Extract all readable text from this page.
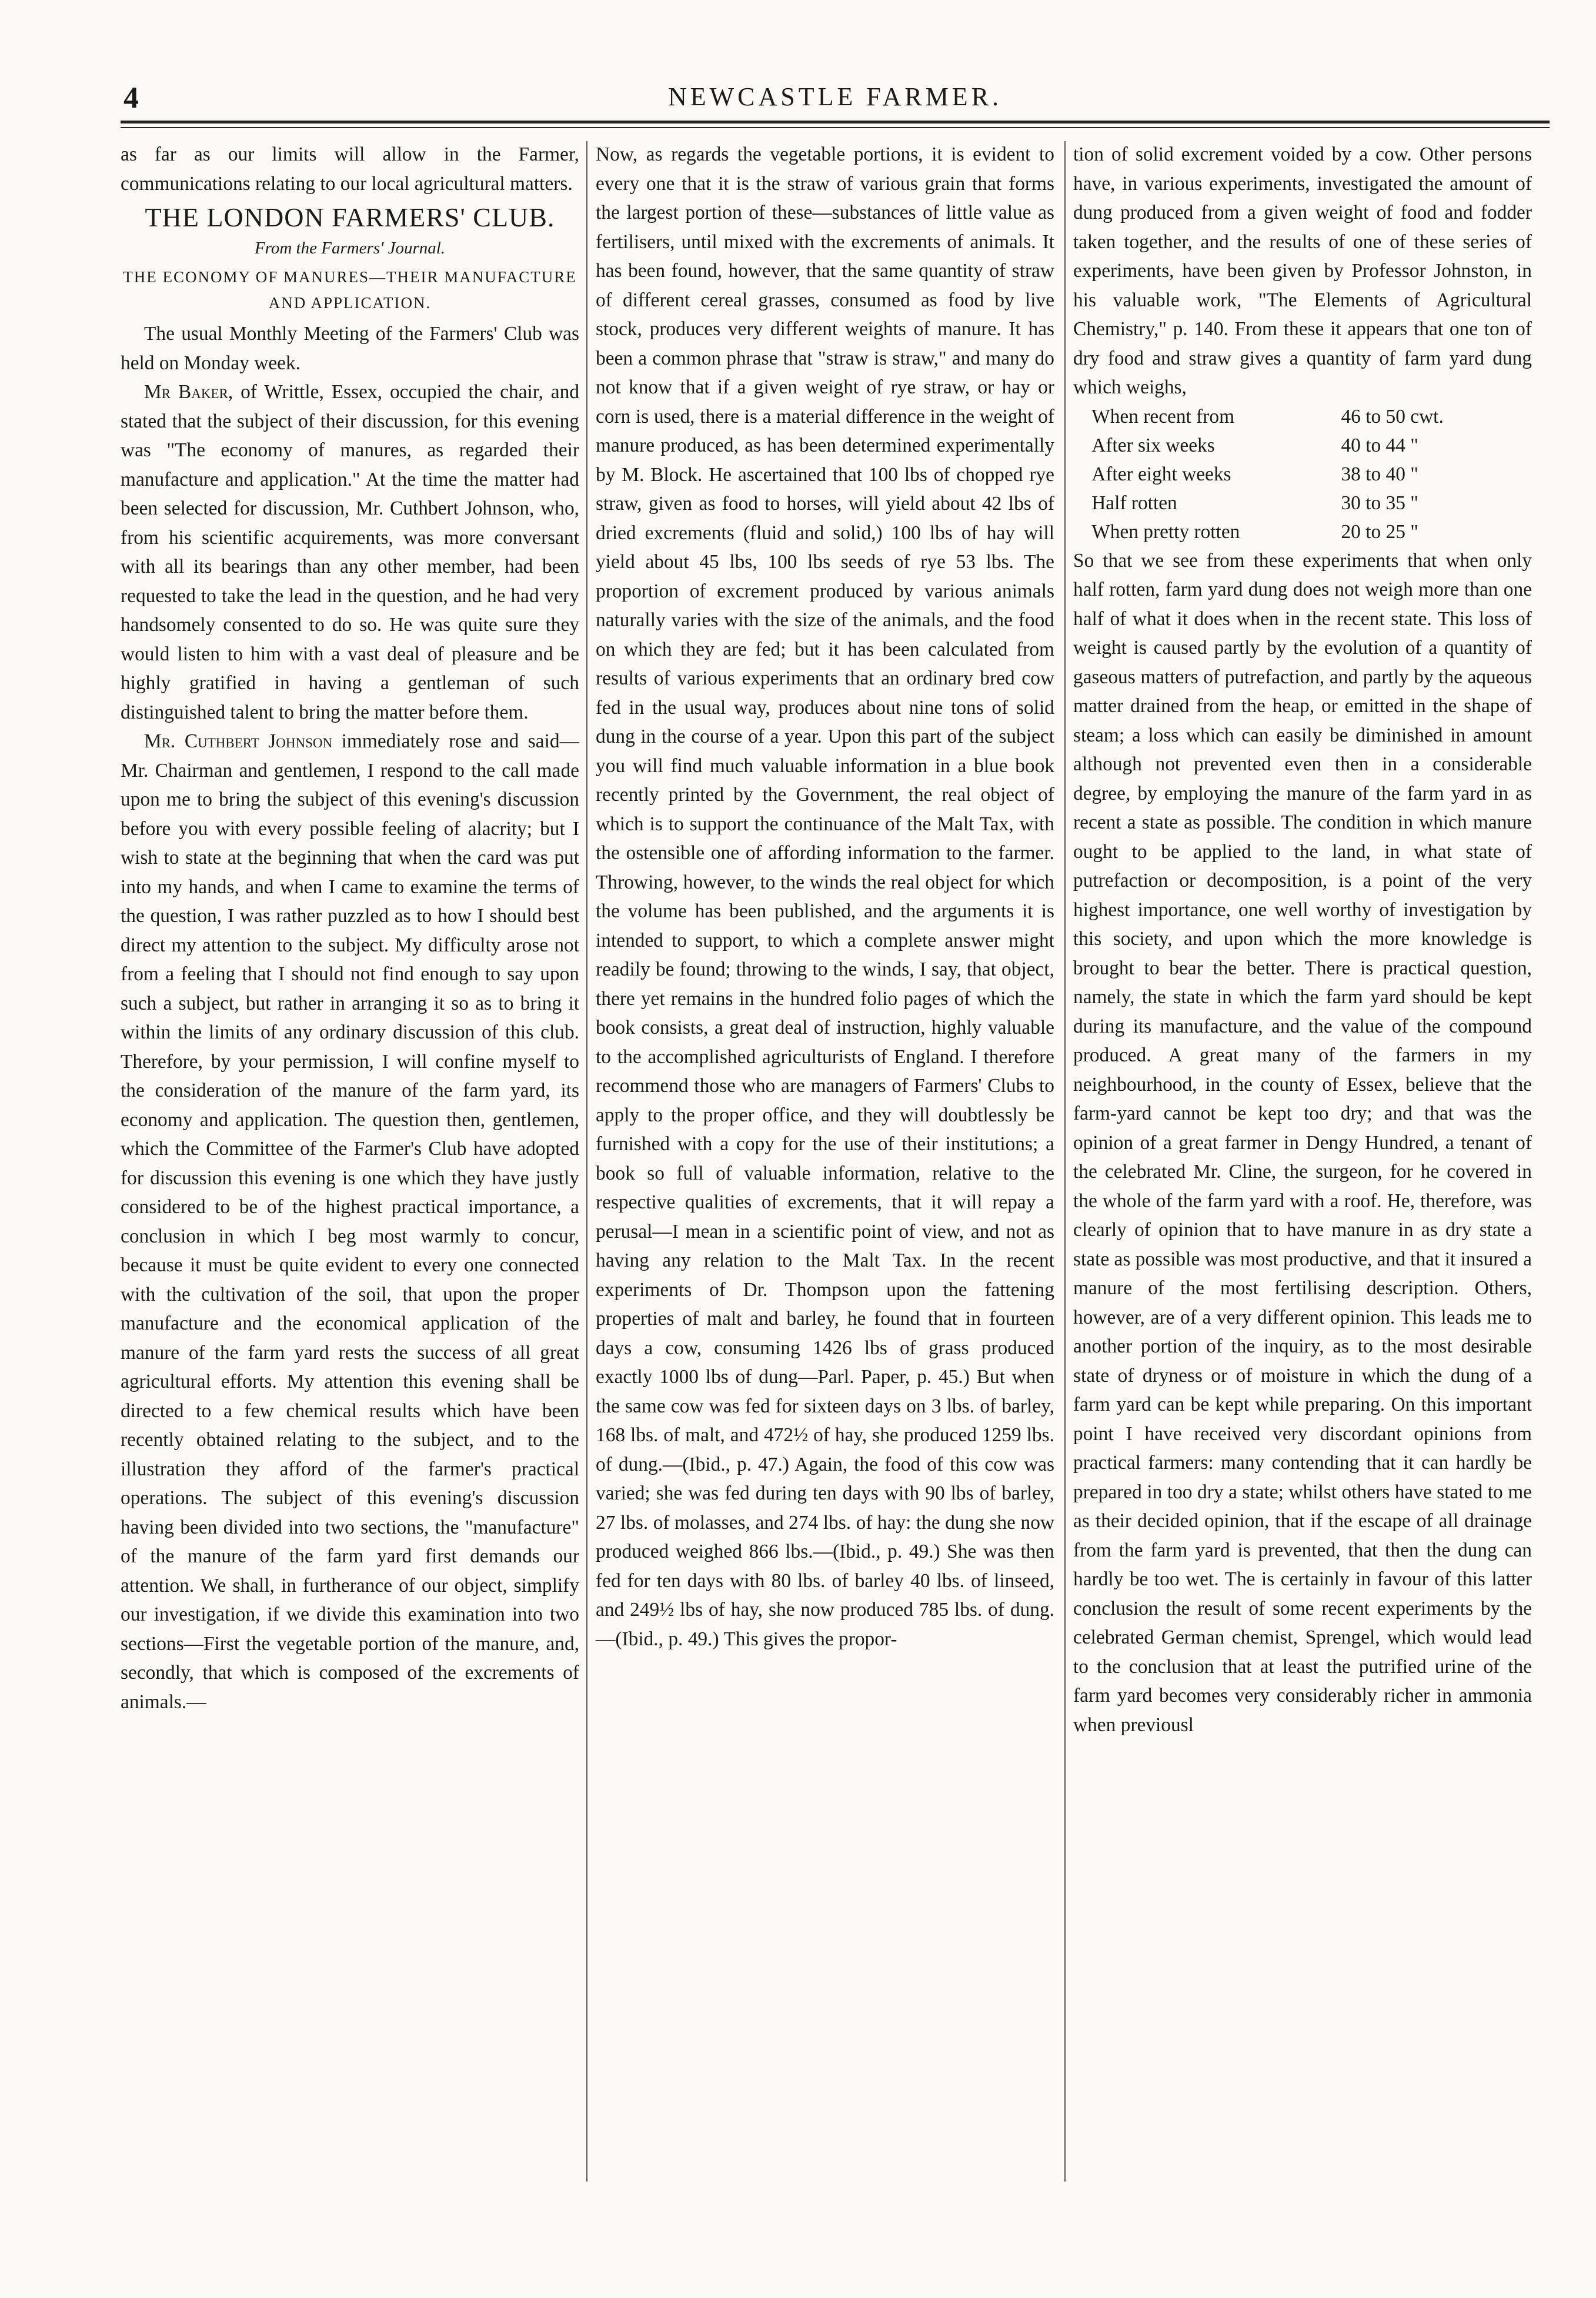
4	NEWCASTLE FARMER.

as far as our limits will allow in the Farmer, communications relating to our local agricultural matters.

THE LONDON FARMERS' CLUB.
From the Farmers' Journal.
THE ECONOMY OF MANURES—THEIR MANUFACTURE AND APPLICATION.

The usual Monthly Meeting of the Farmers' Club was held on Monday week.

Mr Baker, of Writtle, Essex, occupied the chair, and stated that the subject of their discussion, for this evening was "The economy of manures, as regarded their manufacture and application." At the time the matter had been selected for discussion, Mr. Cuthbert Johnson, who, from his scientific acquirements, was more conversant with all its bearings than any other member, had been requested to take the lead in the question, and he had very handsomely consented to do so. He was quite sure they would listen to him with a vast deal of pleasure and be highly gratified in having a gentleman of such distinguished talent to bring the matter before them.

Mr. Cuthbert Johnson immediately rose and said—Mr. Chairman and gentlemen, I respond to the call made upon me to bring the subject of this evening's discussion before you with every possible feeling of alacrity; but I wish to state at the beginning that when the card was put into my hands, and when I came to examine the terms of the question, I was rather puzzled as to how I should best direct my attention to the subject. My difficulty arose not from a feeling that I should not find enough to say upon such a subject, but rather in arranging it so as to bring it within the limits of any ordinary discussion of this club. Therefore, by your permission, I will confine myself to the consideration of the manure of the farm yard, its economy and application. The question then, gentlemen, which the Committee of the Farmer's Club have adopted for discussion this evening is one which they have justly considered to be of the highest practical importance, a conclusion in which I beg most warmly to concur, because it must be quite evident to every one connected with the cultivation of the soil, that upon the proper manufacture and the economical application of the manure of the farm yard rests the success of all great agricultural efforts. My attention this evening shall be directed to a few chemical results which have been recently obtained relating to the subject, and to the illustration they afford of the farmer's practical operations. The subject of this evening's discussion having been divided into two sections, the "manufacture" of the manure of the farm yard first demands our attention. We shall, in furtherance of our object, simplify our investigation, if we divide this examination into two sections—First the vegetable portion of the manure, and, secondly, that which is composed of the excrements of animals.—

Now, as regards the vegetable portions, it is evident to every one that it is the straw of various grain that forms the largest portion of these—substances of little value as fertilisers, until mixed with the excrements of animals. It has been found, however, that the same quantity of straw of different cereal grasses, consumed as food by live stock, produces very different weights of manure. It has been a common phrase that "straw is straw," and many do not know that if a given weight of rye straw, or hay or corn is used, there is a material difference in the weight of manure produced, as has been determined experimentally by M. Block. He ascertained that 100 lbs of chopped rye straw, given as food to horses, will yield about 42 lbs of dried excrements (fluid and solid,) 100 lbs of hay will yield about 45 lbs, 100 lbs seeds of rye 53 lbs. The proportion of excrement produced by various animals naturally varies with the size of the animals, and the food on which they are fed; but it has been calculated from results of various experiments that an ordinary bred cow fed in the usual way, produces about nine tons of solid dung in the course of a year. Upon this part of the subject you will find much valuable information in a blue book recently printed by the Government, the real object of which is to support the continuance of the Malt Tax, with the ostensible one of affording information to the farmer. Throwing, however, to the winds the real object for which the volume has been published, and the arguments it is intended to support, to which a complete answer might readily be found; throwing to the winds, I say, that object, there yet remains in the hundred folio pages of which the book consists, a great deal of instruction, highly valuable to the accomplished agriculturists of England. I therefore recommend those who are managers of Farmers' Clubs to apply to the proper office, and they will doubtlessly be furnished with a copy for the use of their institutions; a book so full of valuable information, relative to the respective qualities of excrements, that it will repay a perusal—I mean in a scientific point of view, and not as having any relation to the Malt Tax. In the recent experiments of Dr. Thompson upon the fattening properties of malt and barley, he found that in fourteen days a cow, consuming 1426 lbs of grass produced exactly 1000 lbs of dung—Parl. Paper, p. 45.) But when the same cow was fed for sixteen days on 3 lbs. of barley, 168 lbs. of malt, and 472½ of hay, she produced 1259 lbs. of dung.—(Ibid., p. 47.) Again, the food of this cow was varied; she was fed during ten days with 90 lbs of barley, 27 lbs. of molasses, and 274 lbs. of hay: the dung she now produced weighed 866 lbs.—(Ibid., p. 49.) She was then fed for ten days with 80 lbs. of barley 40 lbs. of linseed, and 249½ lbs of hay, she now produced 785 lbs. of dung. —(Ibid., p. 49.) This gives the propor-

tion of solid excrement voided by a cow. Other persons have, in various experiments, investigated the amount of dung produced from a given weight of food and fodder taken together, and the results of one of these series of experiments, have been given by Professor Johnston, in his valuable work, "The Elements of Agricultural Chemistry," p. 140. From these it appears that one ton of dry food and straw gives a quantity of farm yard dung which weighs,

When recent from	46 to 50 cwt.
After six weeks	40 to 44 "
After eight weeks	38 to 40 "
Half rotten	30 to 35 "
When pretty rotten	20 to 25 "

So that we see from these experiments that when only half rotten, farm yard dung does not weigh more than one half of what it does when in the recent state. This loss of weight is caused partly by the evolution of a quantity of gaseous matters of putrefaction, and partly by the aqueous matter drained from the heap, or emitted in the shape of steam; a loss which can easily be diminished in amount although not prevented even then in a considerable degree, by employing the manure of the farm yard in as recent a state as possible. The condition in which manure ought to be applied to the land, in what state of putrefaction or decomposition, is a point of the very highest importance, one well worthy of investigation by this society, and upon which the more knowledge is brought to bear the better. There is practical question, namely, the state in which the farm yard should be kept during its manufacture, and the value of the compound produced. A great many of the farmers in my neighbourhood, in the county of Essex, believe that the farm-yard cannot be kept too dry; and that was the opinion of a great farmer in Dengy Hundred, a tenant of the celebrated Mr. Cline, the surgeon, for he covered in the whole of the farm yard with a roof. He, therefore, was clearly of opinion that to have manure in as dry state a state as possible was most productive, and that it insured a manure of the most fertilising description. Others, however, are of a very different opinion. This leads me to another portion of the inquiry, as to the most desirable state of dryness or of moisture in which the dung of a farm yard can be kept while preparing. On this important point I have received very discordant opinions from practical farmers: many contending that it can hardly be prepared in too dry a state; whilst others have stated to me as their decided opinion, that if the escape of all drainage from the farm yard is prevented, that then the dung can hardly be too wet. The is certainly in favour of this latter conclusion the result of some recent experiments by the celebrated German chemist, Sprengel, which would lead to the conclusion that at least the putrified urine of the farm yard becomes very considerably richer in ammonia when previousl
